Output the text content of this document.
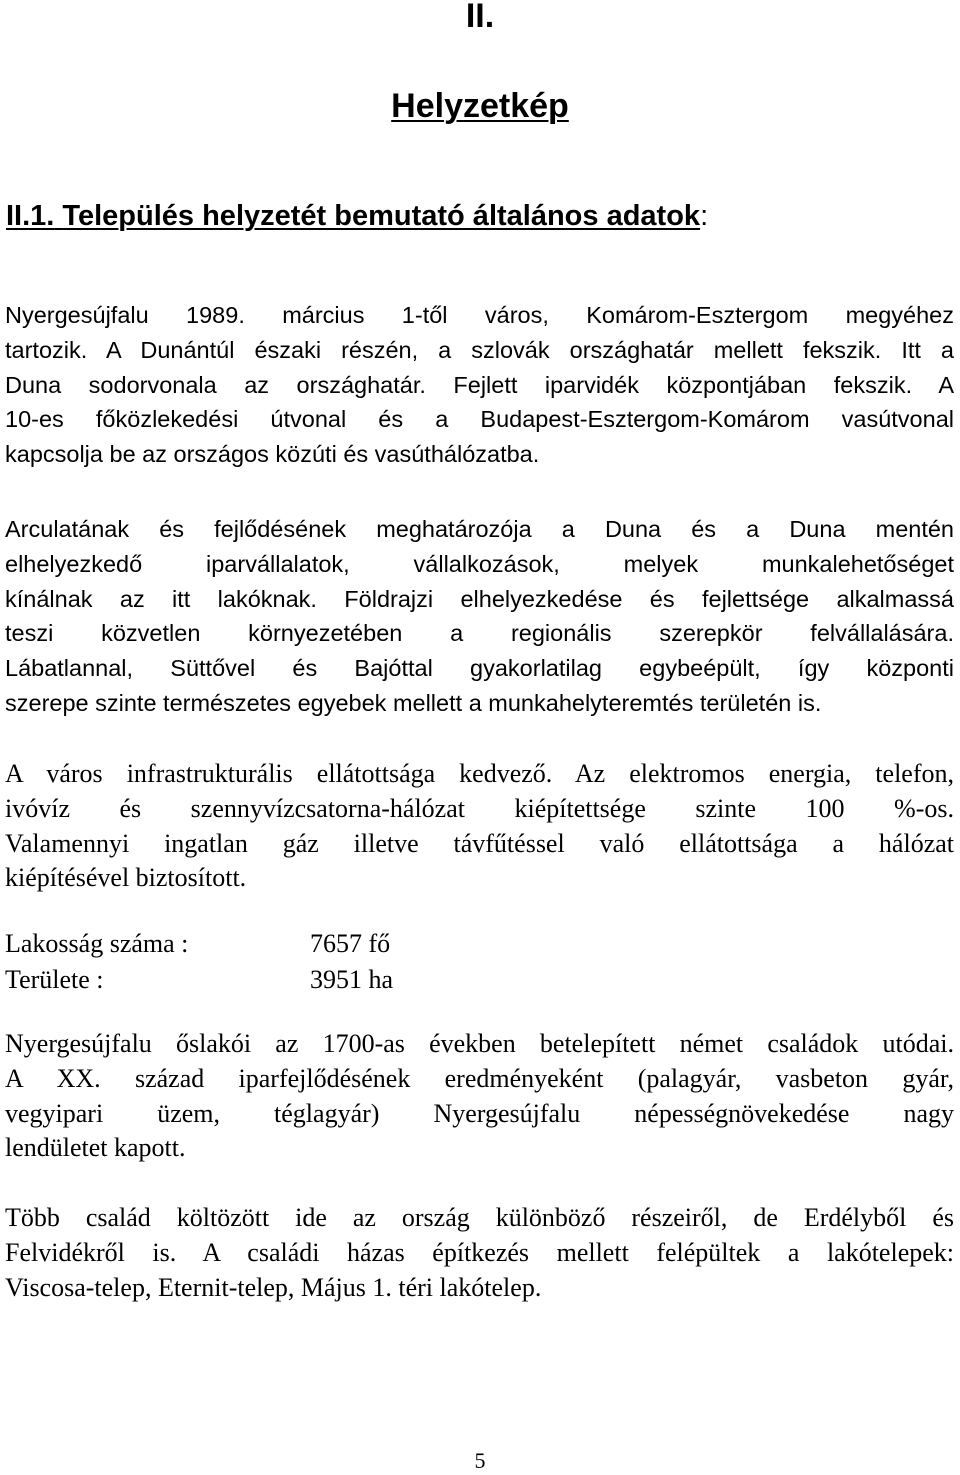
II.
Helyzetkép
II.1. Település helyzetét bemutató általános adatok:
Nyergesújfalu 1989. március 1-től város, Komárom-Esztergom megyéhez
tartozik. A Dunántúl északi részén, a szlovák országhatár mellett fekszik. Itt a
Duna sodorvonala az országhatár. Fejlett iparvidék központjában fekszik. A
10-es főközlekedési útvonal és a Budapest-Esztergom-Komárom vasútvonal
kapcsolja be az országos közúti és vasúthálózatba.
Arculatának és fejlődésének meghatározója a Duna és a Duna mentén
elhelyezkedő iparvállalatok, vállalkozások, melyek munkalehetőséget
kínálnak az itt lakóknak. Földrajzi elhelyezkedése és fejlettsége alkalmassá
teszi közvetlen környezetében a regionális szerepkör felvállalására.
Lábatlannal, Süttővel és Bajóttal gyakorlatilag egybeépült, így központi
szerepe szinte természetes egyebek mellett a munkahelyteremtés területén is.
A város infrastrukturális ellátottsága kedvező. Az elektromos energia, telefon,
ivóvíz és szennyvízcsatorna-hálózat kiépítettsége szinte 100 %-os.
Valamennyi ingatlan gáz illetve távfűtéssel való ellátottsága a hálózat
kiépítésével biztosított.
Lakosság száma :	7657 fő
Területe :	3951 ha
Nyergesújfalu őslakói az 1700-as években betelepített német családok utódai.
A XX. század iparfejlődésének eredményeként (palagyár, vasbeton gyár,
vegyipari üzem, téglagyár) Nyergesújfalu népességnövekedése nagy
lendületet kapott.
Több család költözött ide az ország különböző részeiről, de Erdélyből és
Felvidékről is. A családi házas építkezés mellett felépültek a lakótelepek:
Viscosa-telep, Eternit-telep, Május 1. téri lakótelep.
5
